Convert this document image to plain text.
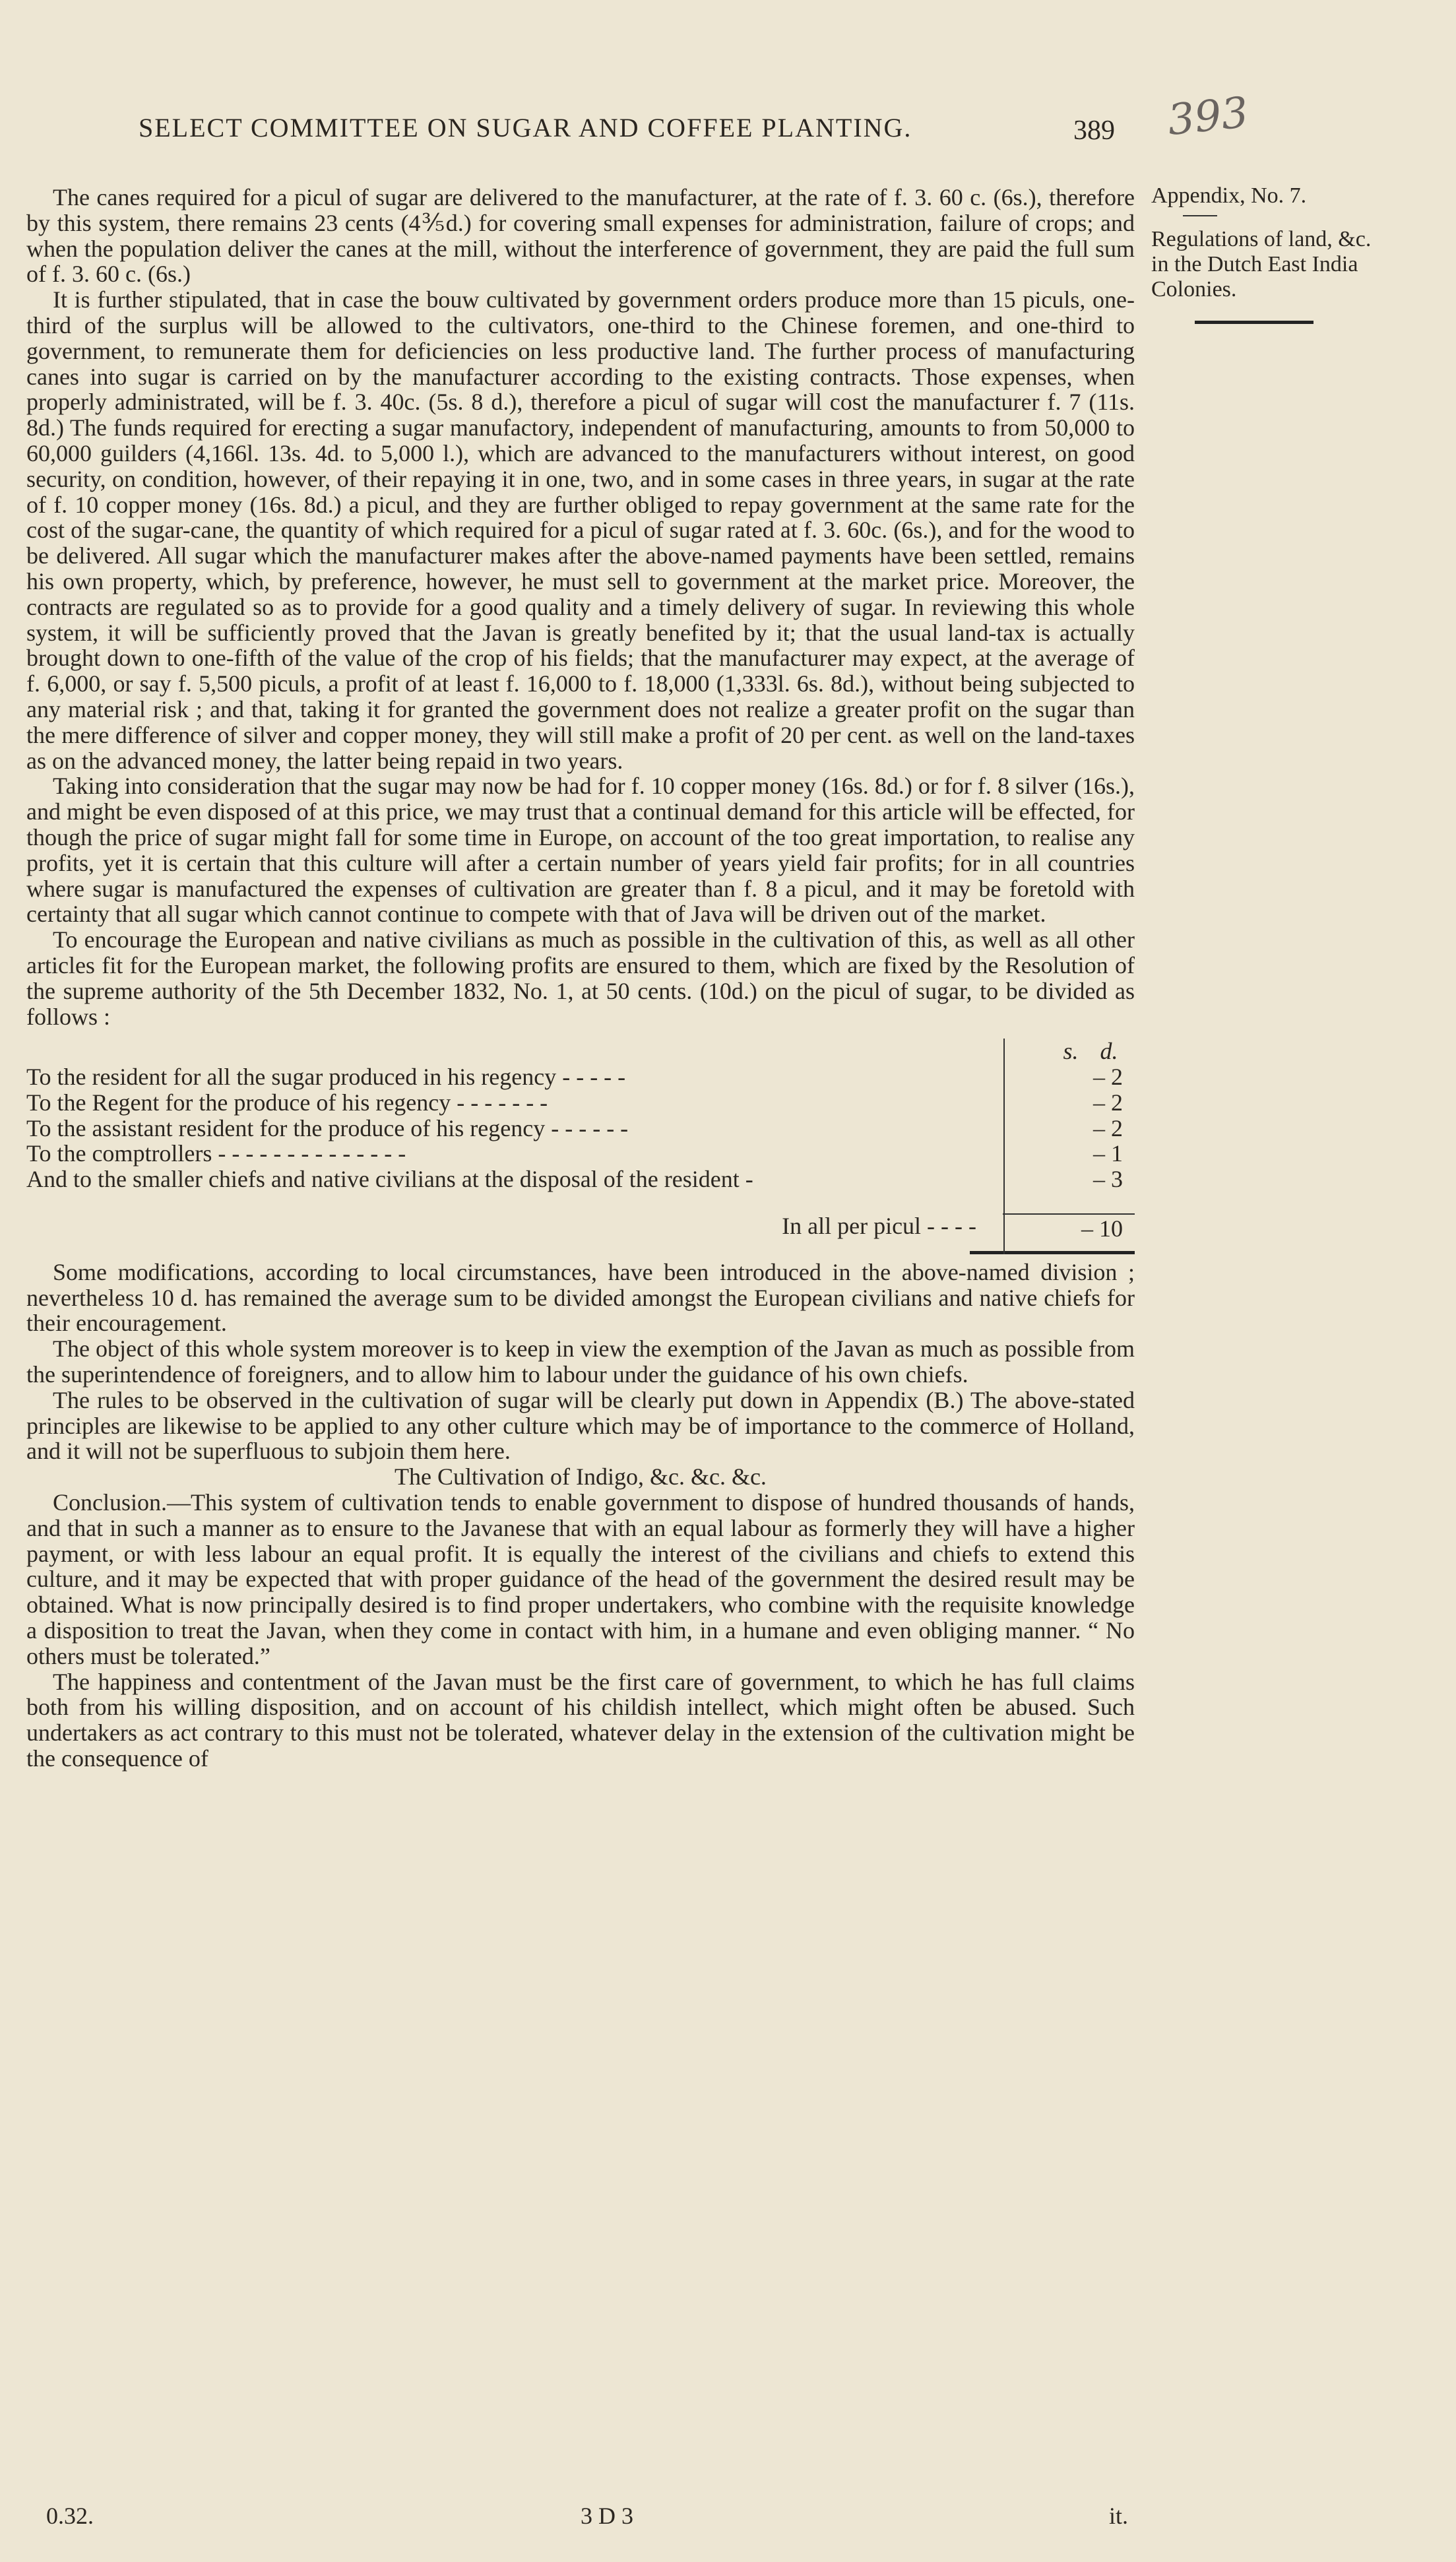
SELECT COMMITTEE ON SUGAR AND COFFEE PLANTING.	389 393
Appendix, No. 7.
Regulations of land, &c. in the Dutch East India Colonies.

The canes required for a picul of sugar are delivered to the manufacturer, at the rate of f. 3. 60 c. (6s.), therefore by this system, there remains 23 cents (4⅗d.) for covering small expenses for administration, failure of crops; and when the population deliver the canes at the mill, without the interference of government, they are paid the full sum of f. 3. 60 c. (6s.)

It is further stipulated, that in case the bouw cultivated by government orders produce more than 15 piculs, one-third of the surplus will be allowed to the cultivators, one-third to the Chinese foremen, and one-third to government, to remunerate them for deficiencies on less productive land. The further process of manufacturing canes into sugar is carried on by the manufacturer according to the existing contracts. Those expenses, when properly administrated, will be f. 3. 40c. (5s. 8 d.), therefore a picul of sugar will cost the manufacturer f. 7 (11s. 8d.) The funds required for erecting a sugar manufactory, independent of manufacturing, amounts to from 50,000 to 60,000 guilders (4,166l. 13s. 4d. to 5,000 l.), which are advanced to the manufacturers without interest, on good security, on condition, however, of their repaying it in one, two, and in some cases in three years, in sugar at the rate of f. 10 copper money (16s. 8d.) a picul, and they are further obliged to repay government at the same rate for the cost of the sugar-cane, the quantity of which required for a picul of sugar rated at f. 3. 60c. (6s.), and for the wood to be delivered. All sugar which the manufacturer makes after the above-named payments have been settled, remains his own property, which, by preference, however, he must sell to government at the market price. Moreover, the contracts are regulated so as to provide for a good quality and a timely delivery of sugar. In reviewing this whole system, it will be sufficiently proved that the Javan is greatly benefited by it; that the usual land-tax is actually brought down to one-fifth of the value of the crop of his fields; that the manufacturer may expect, at the average of f. 6,000, or say f. 5,500 piculs, a profit of at least f. 16,000 to f. 18,000 (1,333l. 6s. 8d.), without being subjected to any material risk ; and that, taking it for granted the government does not realize a greater profit on the sugar than the mere difference of silver and copper money, they will still make a profit of 20 per cent. as well on the land-taxes as on the advanced money, the latter being repaid in two years.

Taking into consideration that the sugar may now be had for f. 10 copper money (16s. 8d.) or for f. 8 silver (16s.), and might be even disposed of at this price, we may trust that a continual demand for this article will be effected, for though the price of sugar might fall for some time in Europe, on account of the too great importation, to realise any profits, yet it is certain that this culture will after a certain number of years yield fair profits; for in all countries where sugar is manufactured the expenses of cultivation are greater than f. 8 a picul, and it may be foretold with certainty that all sugar which cannot continue to compete with that of Java will be driven out of the market.

To encourage the European and native civilians as much as possible in the cultivation of this, as well as all other articles fit for the European market, the following profits are ensured to them, which are fixed by the Resolution of the supreme authority of the 5th December 1832, No. 1, at 50 cents. (10d.) on the picul of sugar, to be divided as follows :

s. d.
To the resident for all the sugar produced in his regency - - - - -	– 2
To the Regent for the produce of his regency - - - - - - -	– 2
To the assistant resident for the produce of his regency - - - - - -	– 2
To the comptrollers - - - - - - - - - - - - - -	– 1
And to the smaller chiefs and native civilians at the disposal of the resident -	– 3
In all per picul - - - -	– 10

Some modifications, according to local circumstances, have been introduced in the above-named division ; nevertheless 10 d. has remained the average sum to be divided amongst the European civilians and native chiefs for their encouragement.

The object of this whole system moreover is to keep in view the exemption of the Javan as much as possible from the superintendence of foreigners, and to allow him to labour under the guidance of his own chiefs.

The rules to be observed in the cultivation of sugar will be clearly put down in Appendix (B.) The above-stated principles are likewise to be applied to any other culture which may be of importance to the commerce of Holland, and it will not be superfluous to subjoin them here.

The Cultivation of Indigo, &c. &c. &c.

Conclusion.—This system of cultivation tends to enable government to dispose of hundred thousands of hands, and that in such a manner as to ensure to the Javanese that with an equal labour as formerly they will have a higher payment, or with less labour an equal profit. It is equally the interest of the civilians and chiefs to extend this culture, and it may be expected that with proper guidance of the head of the government the desired result may be obtained. What is now principally desired is to find proper undertakers, who combine with the requisite knowledge a disposition to treat the Javan, when they come in contact with him, in a humane and even obliging manner. “ No others must be tolerated.”

The happiness and contentment of the Javan must be the first care of government, to which he has full claims both from his willing disposition, and on account of his childish intellect, which might often be abused. Such undertakers as act contrary to this must not be tolerated, whatever delay in the extension of the cultivation might be the consequence of

0.32.	3 D 3	it.
